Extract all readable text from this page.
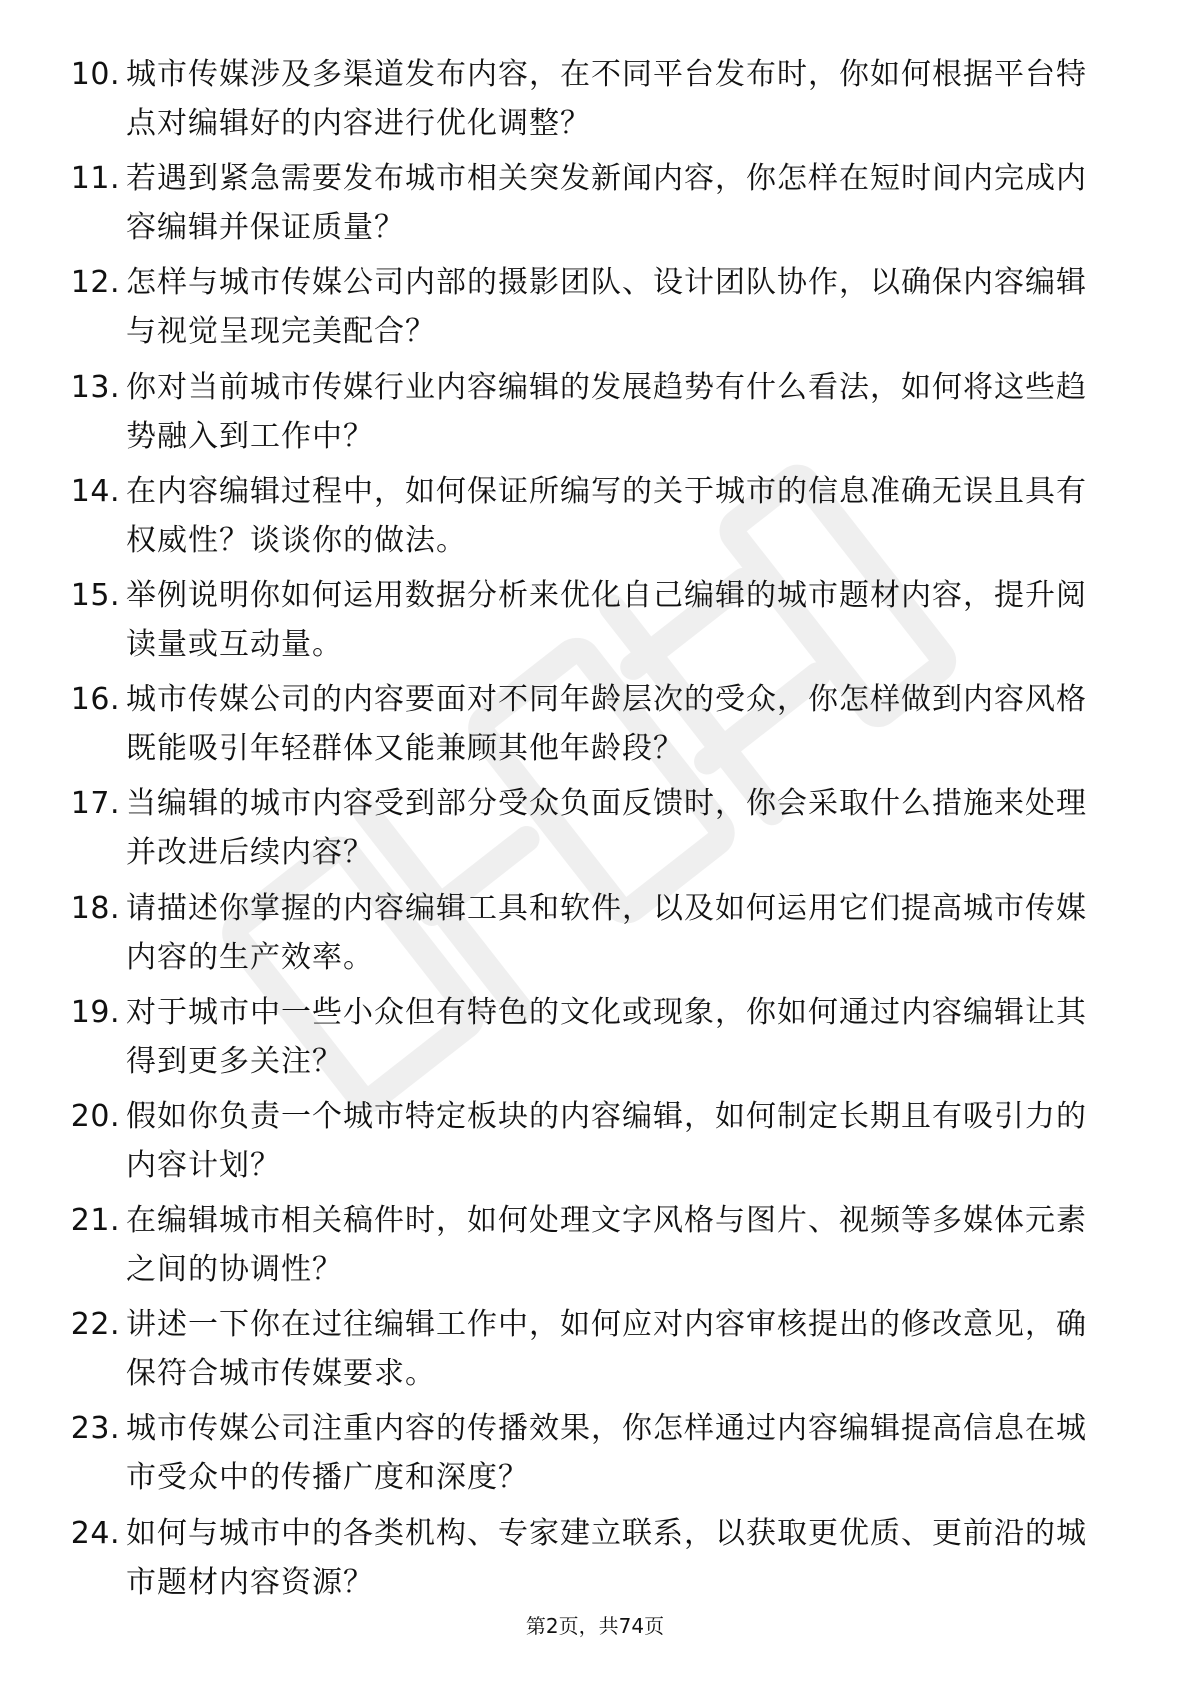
10. 城市传媒涉及多渠道发布内容，在不同平台发布时，你如何根据平台特点对编辑好的内容进行优化调整？
11. 若遇到紧急需要发布城市相关突发新闻内容，你怎样在短时间内完成内容编辑并保证质量？
12. 怎样与城市传媒公司内部的摄影团队、设计团队协作，以确保内容编辑与视觉呈现完美配合？
13. 你对当前城市传媒行业内容编辑的发展趋势有什么看法，如何将这些趋势融入到工作中？
14. 在内容编辑过程中，如何保证所编写的关于城市的信息准确无误且具有权威性？谈谈你的做法。
15. 举例说明你如何运用数据分析来优化自己编辑的城市题材内容，提升阅读量或互动量。
16. 城市传媒公司的内容要面对不同年龄层次的受众，你怎样做到内容风格既能吸引年轻群体又能兼顾其他年龄段？
17. 当编辑的城市内容受到部分受众负面反馈时，你会采取什么措施来处理并改进后续内容？
18. 请描述你掌握的内容编辑工具和软件，以及如何运用它们提高城市传媒内容的生产效率。
19. 对于城市中一些小众但有特色的文化或现象，你如何通过内容编辑让其得到更多关注？
20. 假如你负责一个城市特定板块的内容编辑，如何制定长期且有吸引力的内容计划？
21. 在编辑城市相关稿件时，如何处理文字风格与图片、视频等多媒体元素之间的协调性？
22. 讲述一下你在过往编辑工作中，如何应对内容审核提出的修改意见，确保符合城市传媒要求。
23. 城市传媒公司注重内容的传播效果，你怎样通过内容编辑提高信息在城市受众中的传播广度和深度？
24. 如何与城市中的各类机构、专家建立联系，以获取更优质、更前沿的城市题材内容资源？
第2页，共74页
